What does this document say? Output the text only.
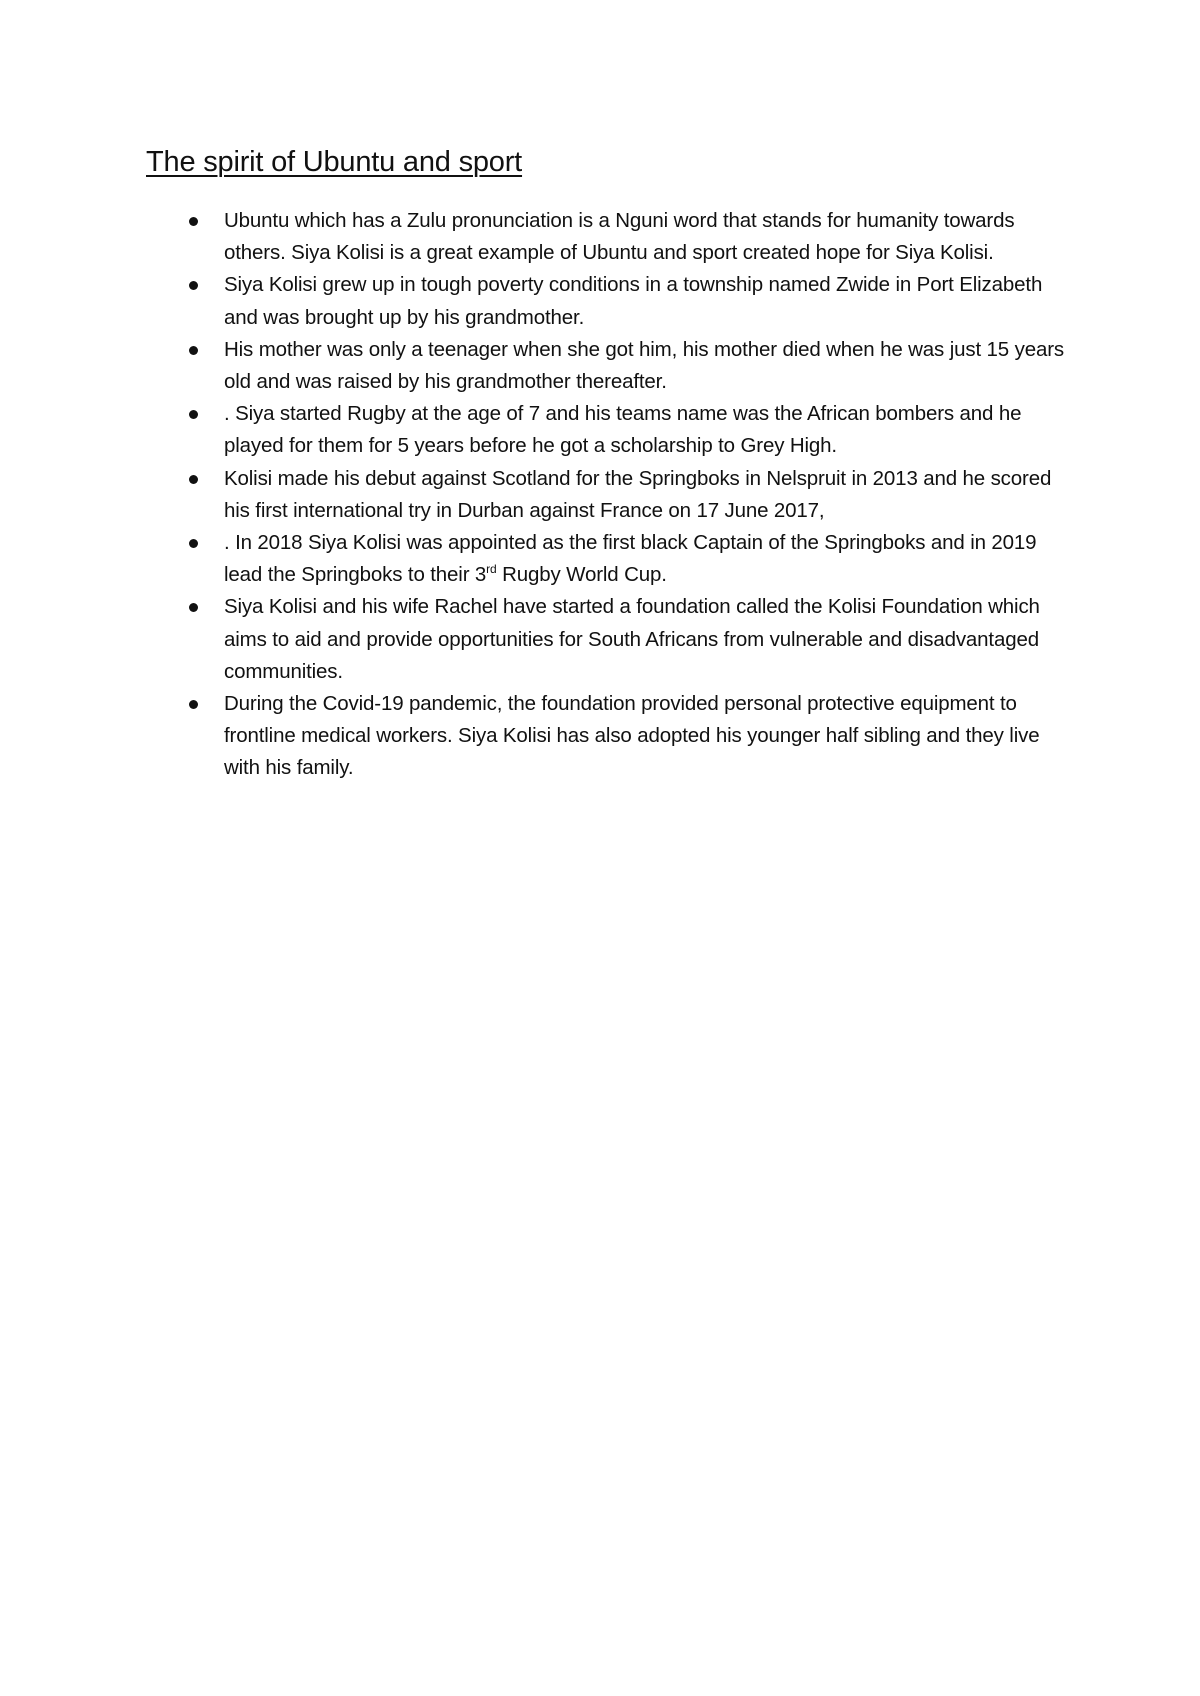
The spirit of Ubuntu and sport
Ubuntu which has a Zulu pronunciation is a Nguni word that stands for humanity towards others. Siya Kolisi is a great example of Ubuntu and sport created hope for Siya Kolisi.
Siya Kolisi grew up in tough poverty conditions in a township named Zwide in Port Elizabeth and was brought up by his grandmother.
His mother was only a teenager when she got him, his mother died when he was just 15 years old and was raised by his grandmother thereafter.
. Siya started Rugby at the age of 7 and his teams name was the African bombers and he played for them for 5 years before he got a scholarship to Grey High.
Kolisi made his debut against Scotland for the Springboks in Nelspruit in 2013 and he scored his first international try in Durban against France on 17 June 2017,
. In 2018 Siya Kolisi was appointed as the first black Captain of the Springboks and in 2019 lead the Springboks to their 3rd Rugby World Cup.
Siya Kolisi and his wife Rachel have started a foundation called the Kolisi Foundation which aims to aid and provide opportunities for South Africans from vulnerable and disadvantaged communities.
During the Covid-19 pandemic, the foundation provided personal protective equipment to frontline medical workers. Siya Kolisi has also adopted his younger half sibling and they live with his family.
